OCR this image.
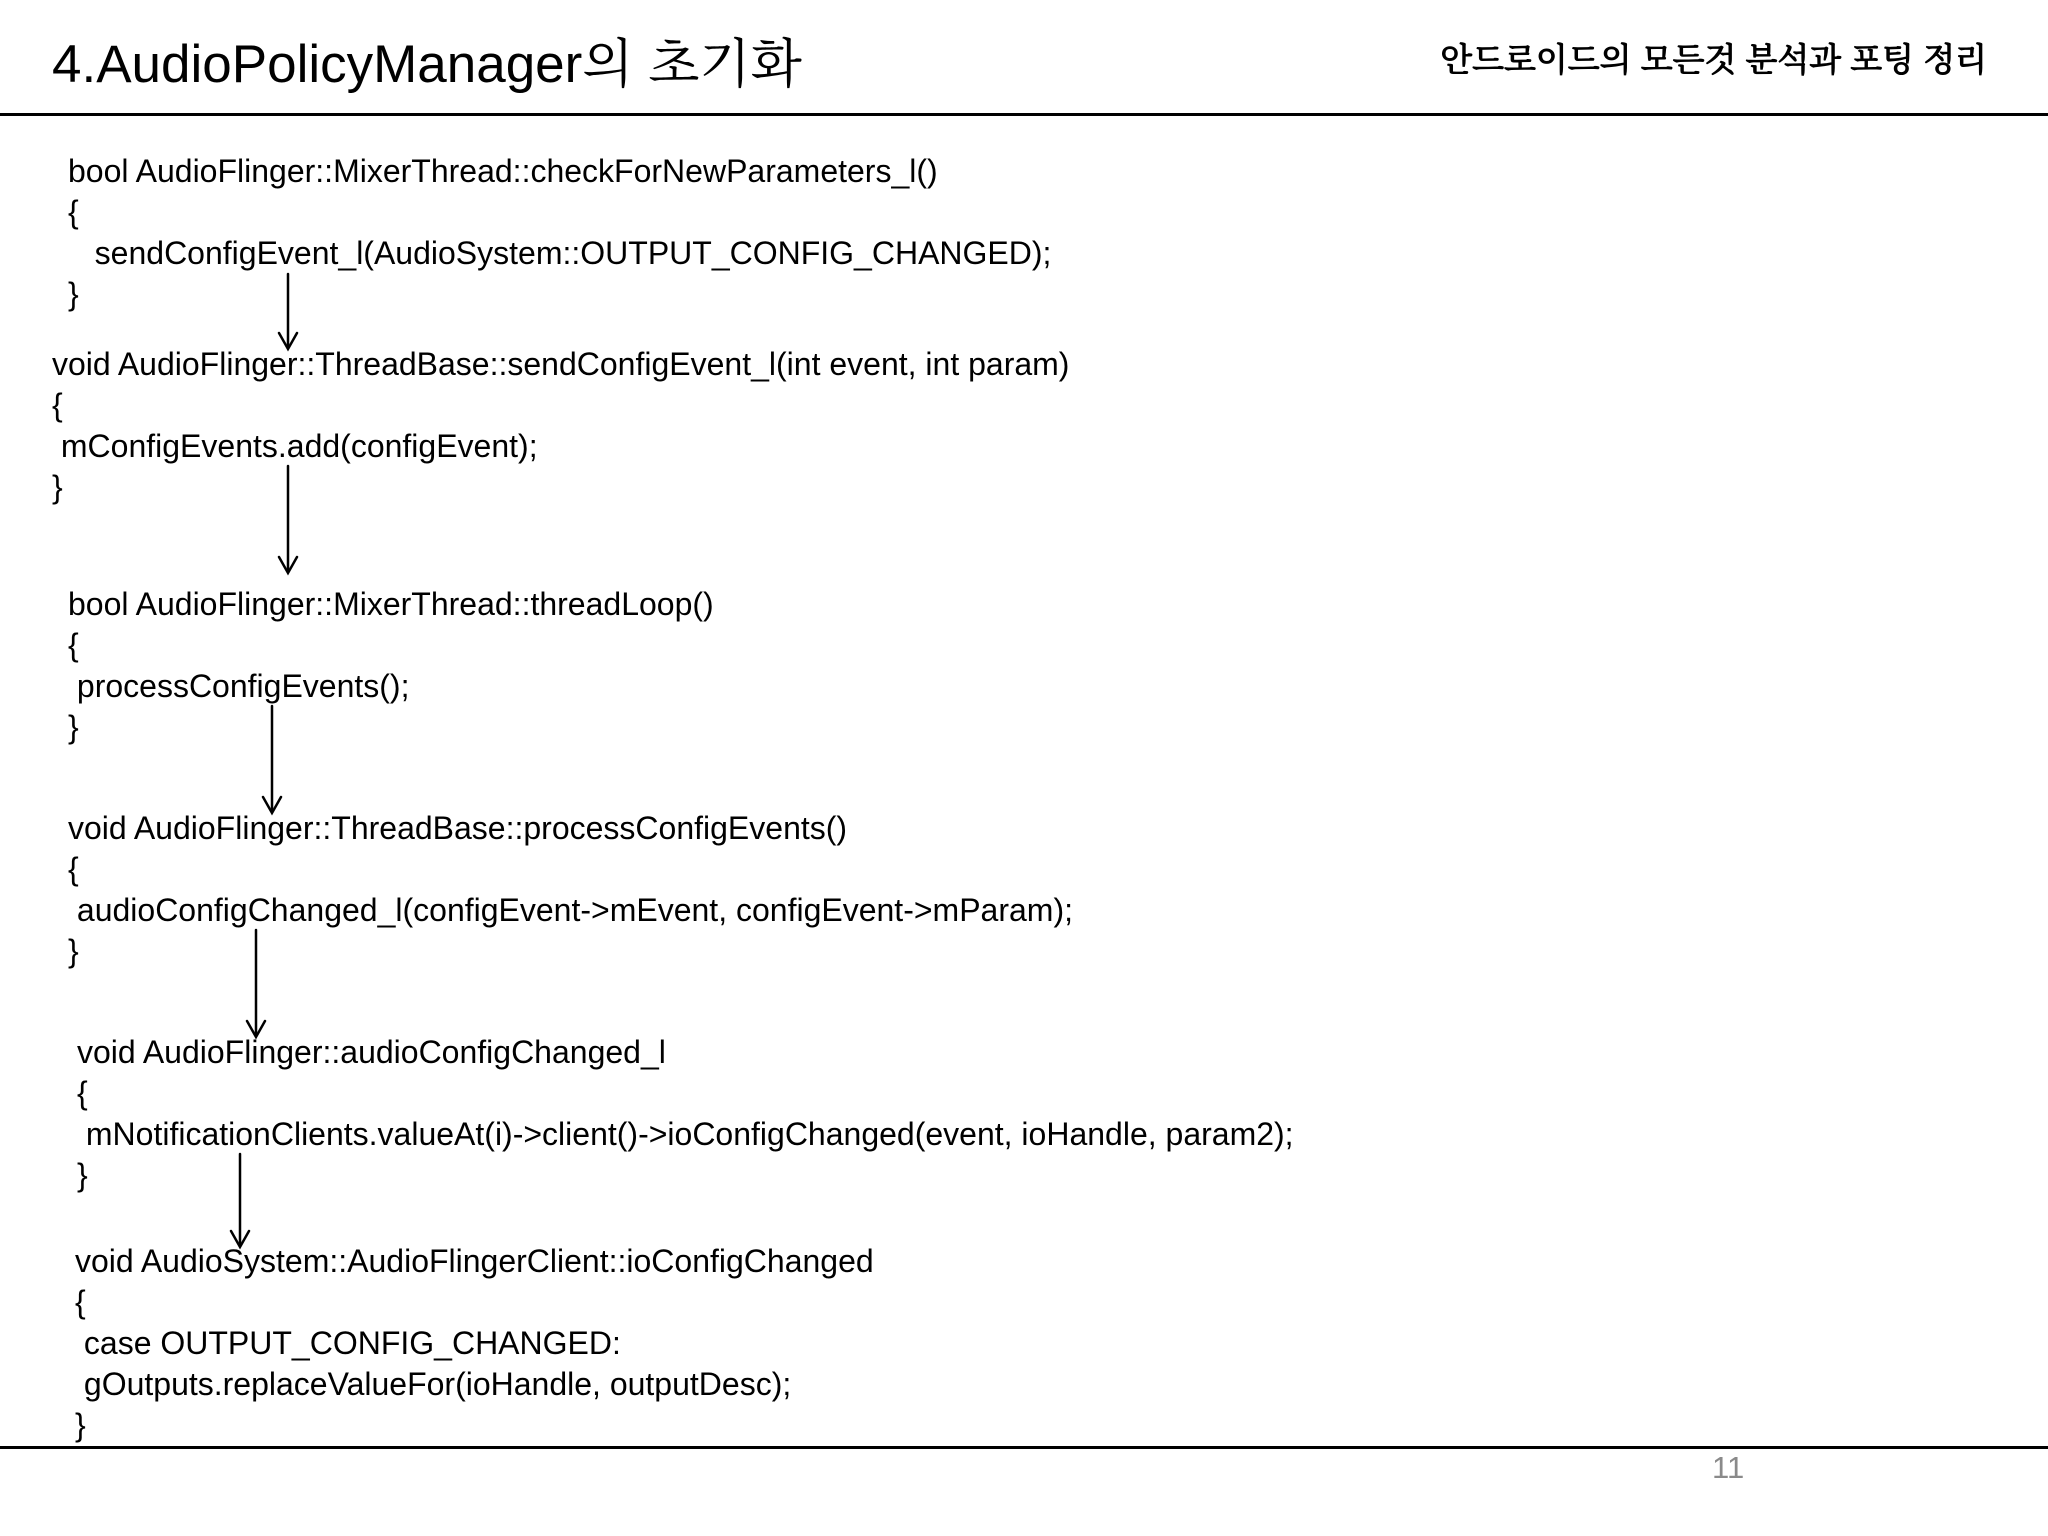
4.AudioPolicyManager의 초기화	안드로이드의 모든것 분석과 포팅 정리
bool AudioFlinger::MixerThread::checkForNewParameters_l()
{
sendConfigEvent_l(AudioSystem::OUTPUT_CONFIG_CHANGED);
}
void AudioFlinger::ThreadBase::sendConfigEvent_l(int event, int param)
{
mConfigEvents.add(configEvent);
}
bool AudioFlinger::MixerThread::threadLoop()
{
processConfigEvents();
}
void AudioFlinger::ThreadBase::processConfigEvents()
{
audioConfigChanged_l(configEvent->mEvent, configEvent->mParam);
}
void AudioFlinger::audioConfigChanged_l
{
mNotificationClients.valueAt(i)->client()->ioConfigChanged(event, ioHandle, param2);
}
void AudioSystem::AudioFlingerClient::ioConfigChanged
{
case OUTPUT_CONFIG_CHANGED:
gOutputs.replaceValueFor(ioHandle, outputDesc);
}
11
